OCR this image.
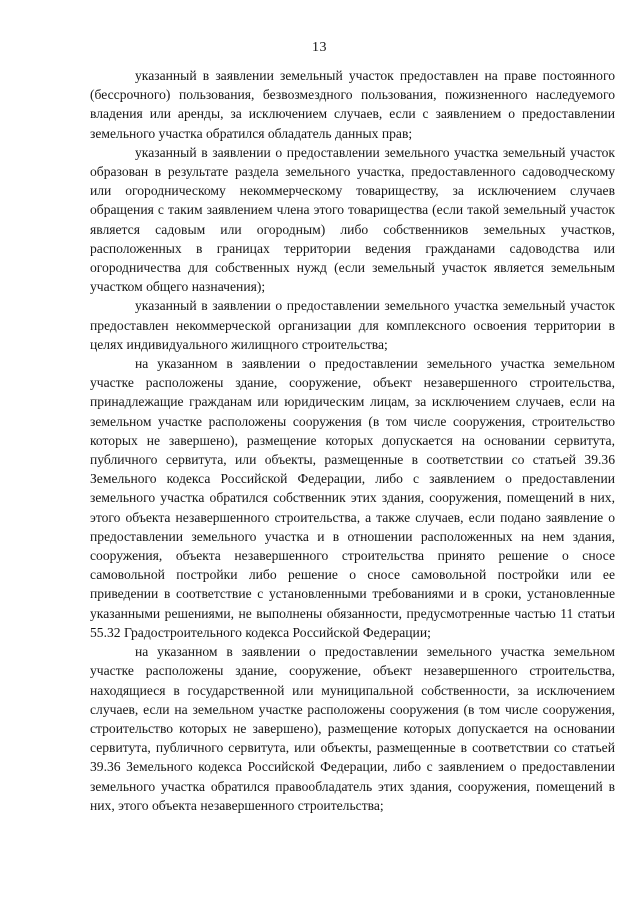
13

указанный в заявлении земельный участок предоставлен на праве постоянного (бессрочного) пользования, безвозмездного пользования, пожизненного наследуемого владения или аренды, за исключением случаев, если с заявлением о предоставлении земельного участка обратился обладатель данных прав;

указанный в заявлении о предоставлении земельного участка земельный участок образован в результате раздела земельного участка, предоставленного садоводческому или огородническому некоммерческому товариществу, за исключением случаев обращения с таким заявлением члена этого товарищества (если такой земельный участок является садовым или огородным) либо собственников земельных участков, расположенных в границах территории ведения гражданами садоводства или огородничества для собственных нужд (если земельный участок является земельным участком общего назначения);

указанный в заявлении о предоставлении земельного участка земельный участок предоставлен некоммерческой организации для комплексного освоения территории в целях индивидуального жилищного строительства;

на указанном в заявлении о предоставлении земельного участка земельном участке расположены здание, сооружение, объект незавершенного строительства, принадлежащие гражданам или юридическим лицам, за исключением случаев, если на земельном участке расположены сооружения (в том числе сооружения, строительство которых не завершено), размещение которых допускается на основании сервитута, публичного сервитута, или объекты, размещенные в соответствии со статьей 39.36 Земельного кодекса Российской Федерации, либо с заявлением о предоставлении земельного участка обратился собственник этих здания, сооружения, помещений в них, этого объекта незавершенного строительства, а также случаев, если подано заявление о предоставлении земельного участка и в отношении расположенных на нем здания, сооружения, объекта незавершенного строительства принято решение о сносе самовольной постройки либо решение о сносе самовольной постройки или ее приведении в соответствие с установленными требованиями и в сроки, установленные указанными решениями, не выполнены обязанности, предусмотренные частью 11 статьи 55.32 Градостроительного кодекса Российской Федерации;

на указанном в заявлении о предоставлении земельного участка земельном участке расположены здание, сооружение, объект незавершенного строительства, находящиеся в государственной или муниципальной собственности, за исключением случаев, если на земельном участке расположены сооружения (в том числе сооружения, строительство которых не завершено), размещение которых допускается на основании сервитута, публичного сервитута, или объекты, размещенные в соответствии со статьей 39.36 Земельного кодекса Российской Федерации, либо с заявлением о предоставлении земельного участка обратился правообладатель этих здания, сооружения, помещений в них, этого объекта незавершенного строительства;
